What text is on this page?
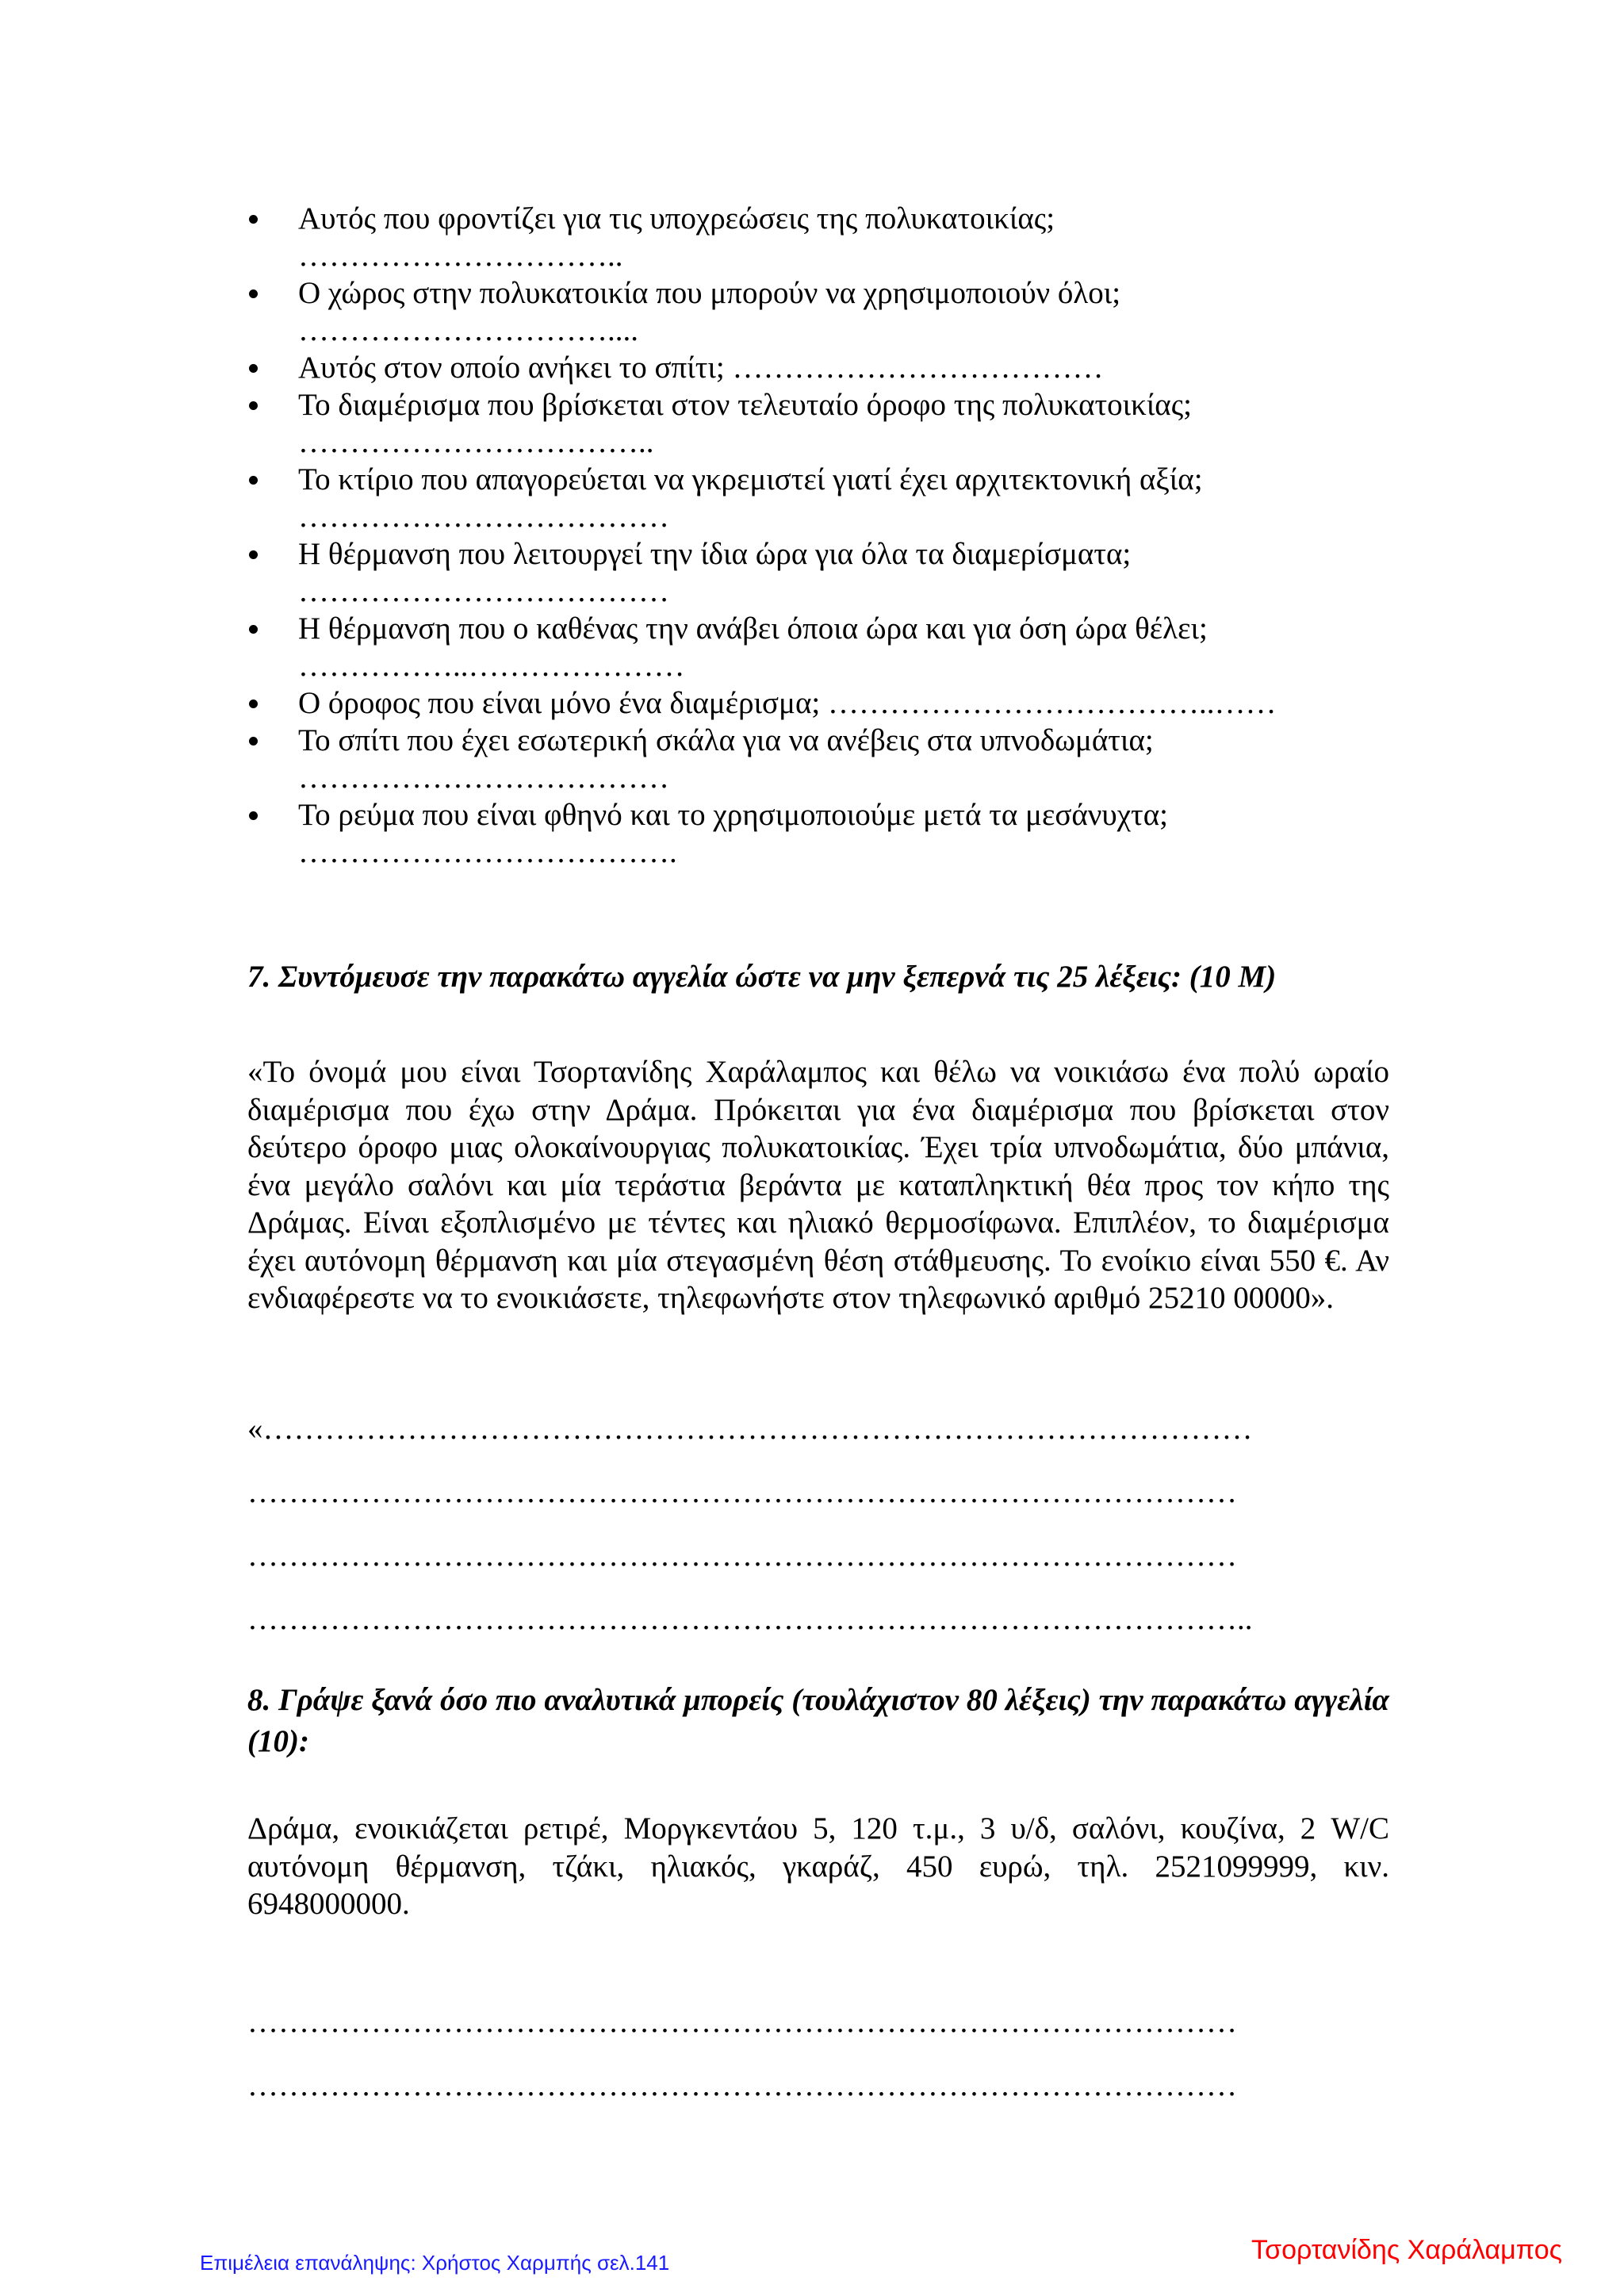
Αυτός που φροντίζει για τις υποχρεώσεις της πολυκατοικίας;
…………………………..
Ο χώρος στην πολυκατοικία που μπορούν να χρησιμοποιούν όλοι;
…………………………....
Αυτός στον οποίο ανήκει το σπίτι; ………………………………
Το διαμέρισμα που βρίσκεται στον τελευταίο όροφο της πολυκατοικίας;
……………………………..
Το κτίριο που απαγορεύεται να γκρεμιστεί γιατί έχει αρχιτεκτονική αξία;
………………………………
Η θέρμανση που λειτουργεί την ίδια ώρα για όλα τα διαμερίσματα;
………………………………
Η θέρμανση που ο καθένας την ανάβει όποια ώρα και για όση ώρα θέλει;
……………..…………………
Ο όροφος που είναι μόνο ένα διαμέρισμα; ………………………………..……
Το σπίτι που έχει εσωτερική σκάλα για να ανέβεις στα υπνοδωμάτια;
………………………………
Το ρεύμα που είναι φθηνό και το χρησιμοποιούμε μετά τα μεσάνυχτα;
……………………………….

7. Συντόμευσε την παρακάτω αγγελία ώστε να μην ξεπερνά τις 25 λέξεις: (10 Μ)

«Το όνομά μου είναι Τσορτανίδης Χαράλαμπος και θέλω να νοικιάσω ένα πολύ ωραίο διαμέρισμα που έχω στην Δράμα. Πρόκειται για ένα διαμέρισμα που βρίσκεται στον δεύτερο όροφο μιας ολοκαίνουργιας πολυκατοικίας. Έχει τρία υπνοδωμάτια, δύο μπάνια, ένα μεγάλο σαλόνι και μία τεράστια βεράντα με καταπληκτική θέα προς τον κήπο της Δράμας. Είναι εξοπλισμένο με τέντες και ηλιακό θερμοσίφωνα. Επιπλέον, το διαμέρισμα έχει αυτόνομη θέρμανση και μία στεγασμένη θέση στάθμευσης. Το ενοίκιο είναι 550 €. Αν ενδιαφέρεστε να το ενοικιάσετε, τηλεφωνήστε στον τηλεφωνικό αριθμό 25210 00000».

«……………………………………………………………………………………
……………………………………………………………………………………
……………………………………………………………………………………
……………………………………………………………………………………..

8. Γράψε ξανά όσο πιο αναλυτικά μπορείς (τουλάχιστον 80 λέξεις) την παρακάτω αγγελία (10):

Δράμα, ενοικιάζεται ρετιρέ, Μοργκεντάου 5, 120 τ.μ., 3 υ/δ, σαλόνι, κουζίνα, 2 W/C αυτόνομη θέρμανση, τζάκι, ηλιακός, γκαράζ, 450 ευρώ, τηλ. 2521099999, κιν. 6948000000.

……………………………………………………………………………………
……………………………………………………………………………………
Επιμέλεια επανάληψης: Χρήστος Χαρμπής σελ.141	Τσορτανίδης Χαράλαμπος
